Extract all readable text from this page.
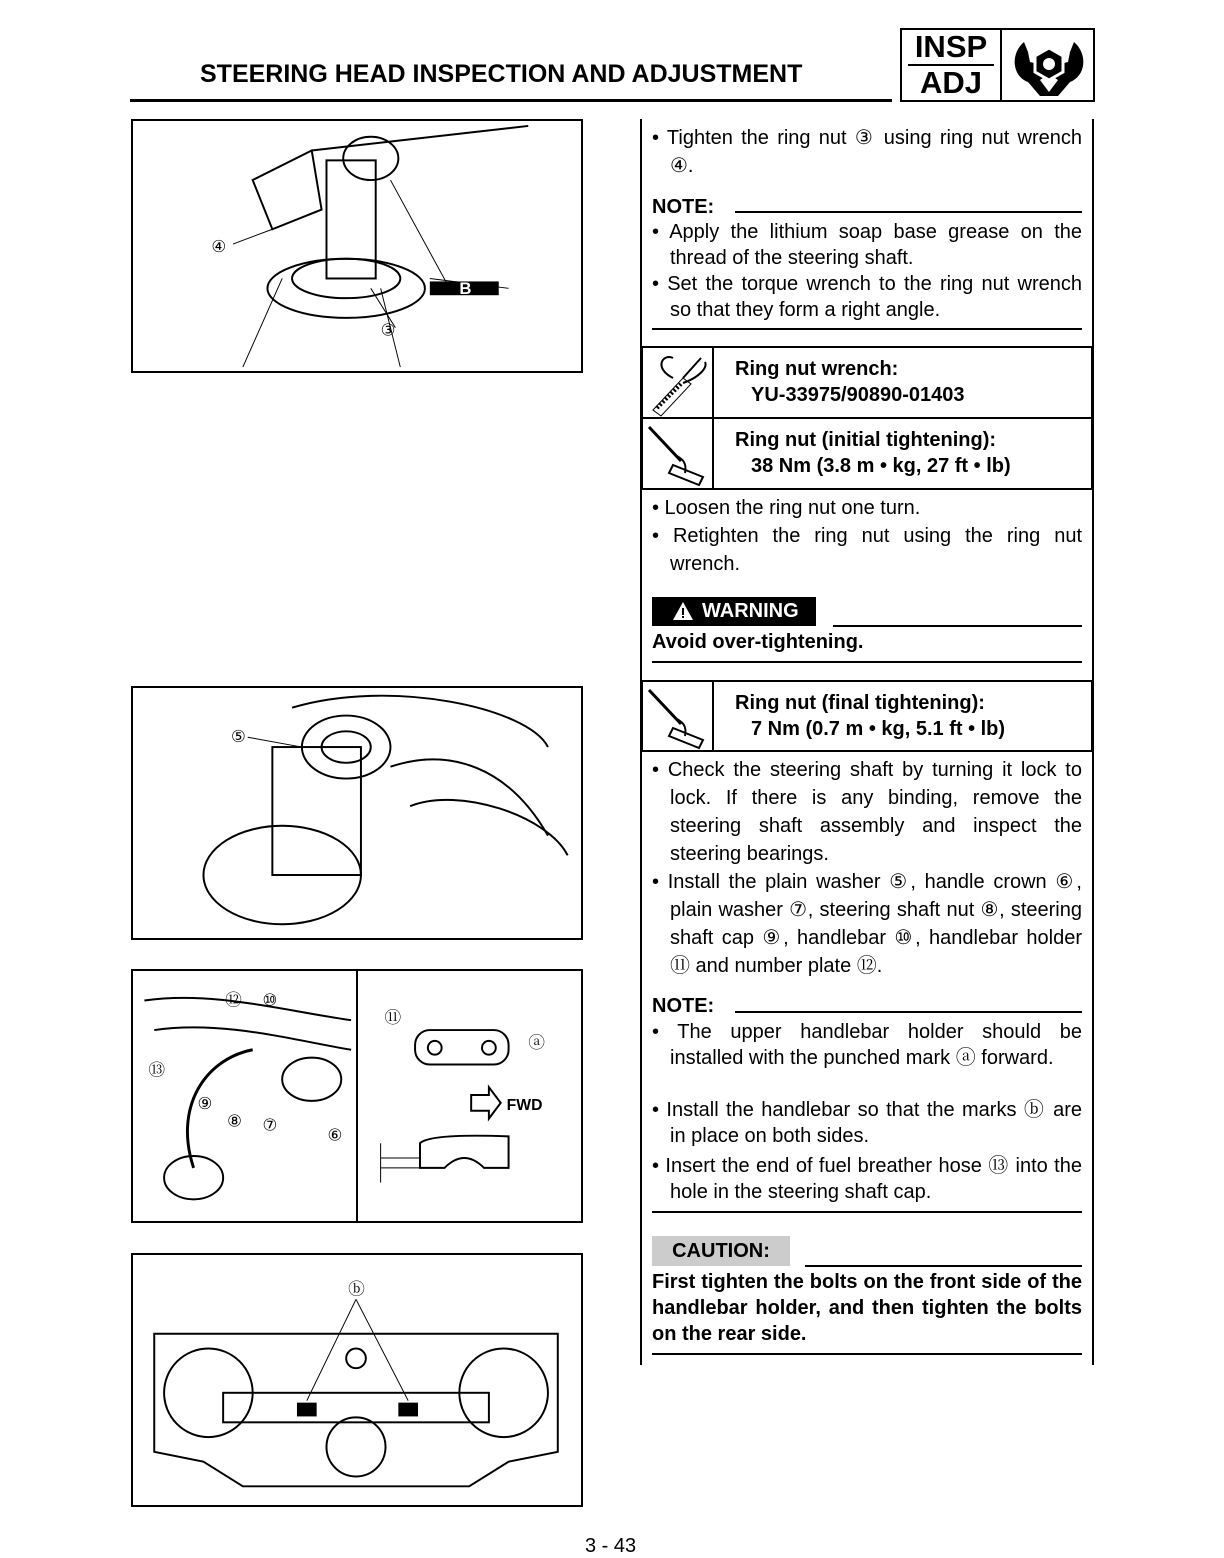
STEERING HEAD INSPECTION AND ADJUSTMENT
INSP
ADJ
④
③
B
⑤
⑫ ⑩
⑬
⑨
⑧ ⑦
⑥
⑪
ⓐ
FWD
ⓑ
• Tighten the ring nut ③ using ring nut wrench ④.
NOTE:
• Apply the lithium soap base grease on the thread of the steering shaft.
• Set the torque wrench to the ring nut wrench so that they form a right angle.
Ring nut wrench:
YU-33975/90890-01403
Ring nut (initial tightening):
38 Nm (3.8 m • kg, 27 ft • lb)
• Loosen the ring nut one turn.
• Retighten the ring nut using the ring nut wrench.
WARNING
Avoid over-tightening.
Ring nut (final tightening):
7 Nm (0.7 m • kg, 5.1 ft • lb)
• Check the steering shaft by turning it lock to lock. If there is any binding, remove the steering shaft assembly and inspect the steering bearings.
• Install the plain washer ⑤, handle crown ⑥, plain washer ⑦, steering shaft nut ⑧, steering shaft cap ⑨, handlebar ⑩, handlebar holder ⑪ and number plate ⑫.
NOTE:
• The upper handlebar holder should be installed with the punched mark ⓐ forward.
• Install the handlebar so that the marks ⓑ are in place on both sides.
• Insert the end of fuel breather hose ⑬ into the hole in the steering shaft cap.
CAUTION:
First tighten the bolts on the front side of the handlebar holder, and then tighten the bolts on the rear side.
3 - 43
